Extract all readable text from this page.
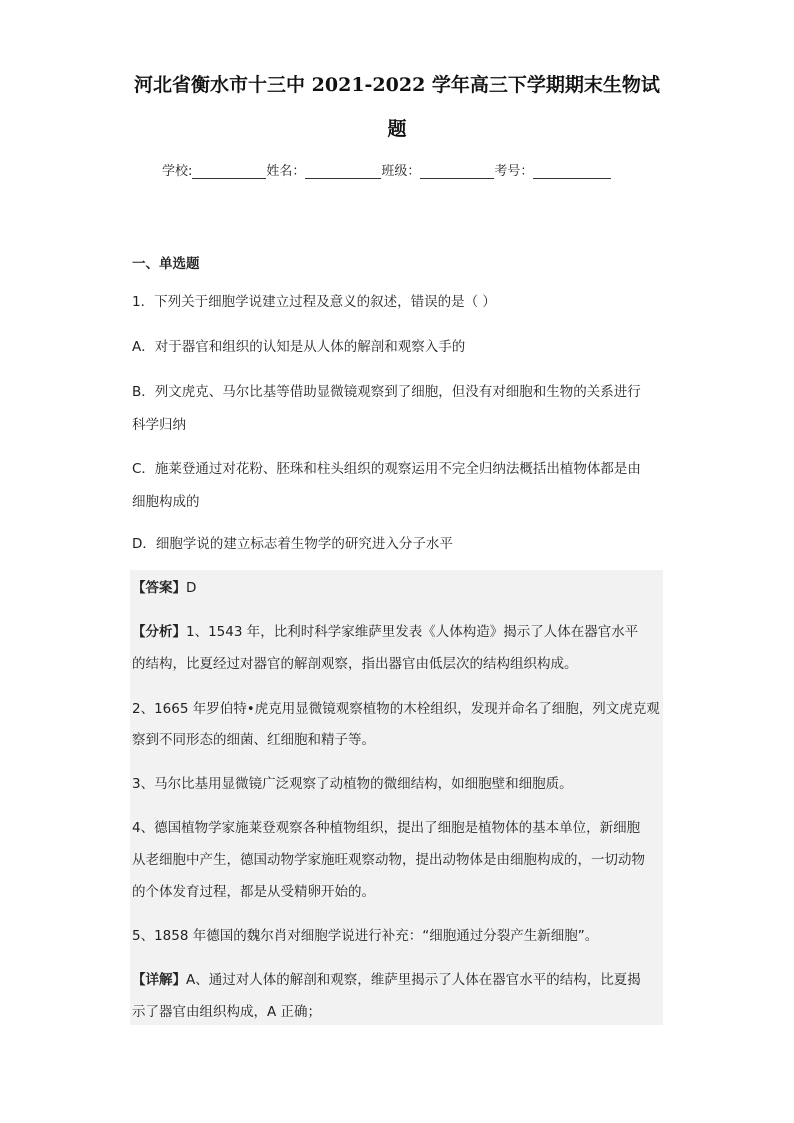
河北省衡水市十三中 2021-2022 学年高三下学期期末生物试
题
学校:	姓名：	班级：	考号：
一、单选题
1．下列关于细胞学说建立过程及意义的叙述，错误的是（ ）
A．对于器官和组织的认知是从人体的解剖和观察入手的
B．列文虎克、马尔比基等借助显微镜观察到了细胞，但没有对细胞和生物的关系进行
科学归纳
C．施莱登通过对花粉、胚珠和柱头组织的观察运用不完全归纳法概括出植物体都是由
细胞构成的
D．细胞学说的建立标志着生物学的研究进入分子水平
【答案】D
【分析】1、1543 年，比利时科学家维萨里发表《人体构造》揭示了人体在器官水平
的结构，比夏经过对器官的解剖观察，指出器官由低层次的结构组织构成。
2、1665 年罗伯特•虎克用显微镜观察植物的木栓组织，发现并命名了细胞，列文虎克观
察到不同形态的细菌、红细胞和精子等。
3、马尔比基用显微镜广泛观察了动植物的微细结构，如细胞壁和细胞质。
4、德国植物学家施莱登观察各种植物组织，提出了细胞是植物体的基本单位，新细胞
从老细胞中产生，德国动物学家施旺观察动物，提出动物体是由细胞构成的，一切动物
的个体发育过程，都是从受精卵开始的。
5、1858 年德国的魏尔肖对细胞学说进行补充：“细胞通过分裂产生新细胞”。
【详解】A、通过对人体的解剖和观察，维萨里揭示了人体在器官水平的结构，比夏揭
示了器官由组织构成，A 正确；
